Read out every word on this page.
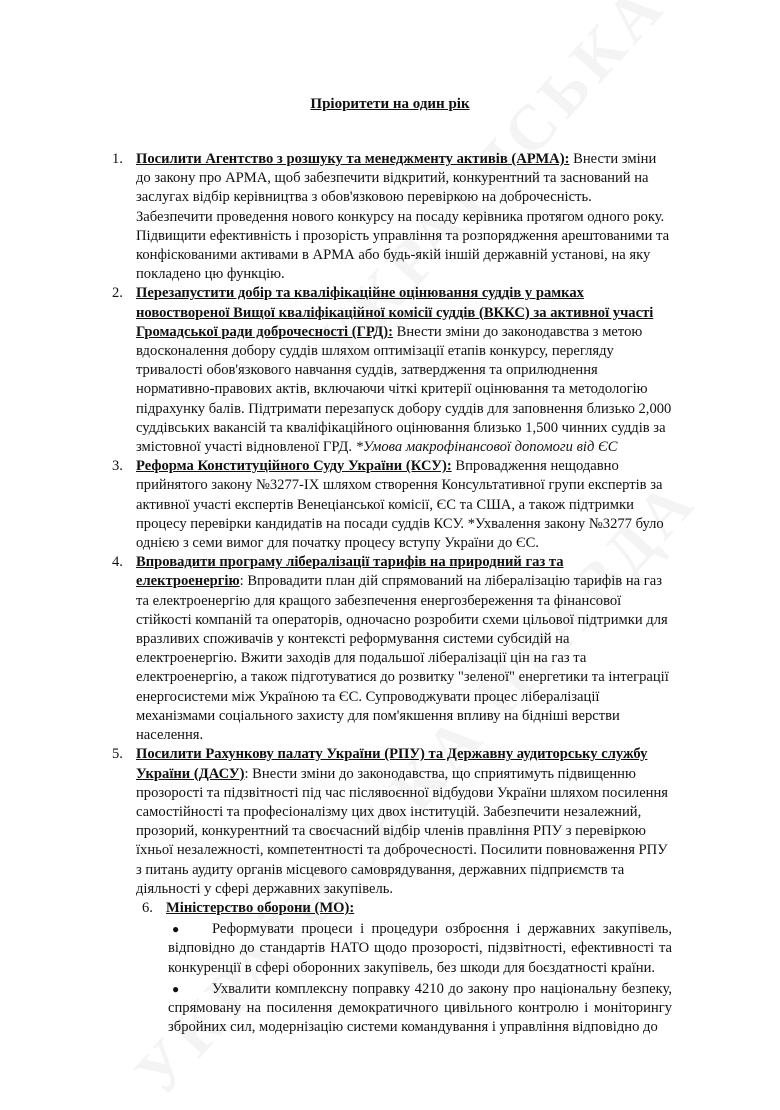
Пріоритети на один рік
1. Посилити Агентство з розшуку та менеджменту активів (АРМА): Внести зміни до закону про АРМА, щоб забезпечити відкритий, конкурентний та заснований на заслугах відбір керівництва з обов'язковою перевіркою на доброчесність. Забезпечити проведення нового конкурсу на посаду керівника протягом одного року. Підвищити ефективність і прозорість управління та розпорядження арештованими та конфіскованими активами в АРМА або будь-якій іншій державній установі, на яку покладено цю функцію.
2. Перезапустити добір та кваліфікаційне оцінювання суддів у рамках новоствореної Вищої кваліфікаційної комісії суддів (ВККС) за активної участі Громадської ради доброчесності (ГРД): Внести зміни до законодавства з метою вдосконалення добору суддів шляхом оптимізації етапів конкурсу, перегляду тривалості обов'язкового навчання суддів, затвердження та оприлюднення нормативно-правових актів, включаючи чіткі критерії оцінювання та методологію підрахунку балів. Підтримати перезапуск добору суддів для заповнення близько 2,000 суддівських вакансій та кваліфікаційного оцінювання близько 1,500 чинних суддів за змістовної участі відновленої ГРД. *Умова макрофінансової допомоги від ЄС
3. Реформа Конституційного Суду України (КСУ): Впровадження нещодавно прийнятого закону №3277-IX шляхом створення Консультативної групи експертів за активної участі експертів Венеціанської комісії, ЄС та США, а також підтримки процесу перевірки кандидатів на посади суддів КСУ. *Ухвалення закону №3277 було однією з семи вимог для початку процесу вступу України до ЄС.
4. Впровадити програму лібералізації тарифів на природний газ та електроенергію: Впровадити план дій спрямований на лібералізацію тарифів на газ та електроенергію для кращого забезпечення енергозбереження та фінансової стійкості компаній та операторів, одночасно розробити схеми цільової підтримки для вразливих споживачів у контексті реформування системи субсидій на електроенергію. Вжити заходів для подальшої лібералізації цін на газ та електроенергію, а також підготуватися до розвитку "зеленої" енергетики та інтеграції енергосистеми між Україною та ЄС. Супроводжувати процес лібералізації механізмами соціального захисту для пом'якшення впливу на бідніші верстви населення.
5. Посилити Рахункову палату України (РПУ) та Державну аудиторську службу України (ДАСУ): Внести зміни до законодавства, що сприятимуть підвищенню прозорості та підзвітності під час післявоєнної відбудови України шляхом посилення самостійності та професіоналізму цих двох інституцій. Забезпечити незалежний, прозорий, конкурентний та своєчасний відбір членів правління РПУ з перевіркою їхньої незалежності, компетентності та доброчесності. Посилити повноваження РПУ з питань аудиту органів місцевого самоврядування, державних підприємств та діяльності у сфері державних закупівель.
6. Міністерство оборони (МО):
● Реформувати процеси і процедури озброєння і державних закупівель, відповідно до стандартів НАТО щодо прозорості, підзвітності, ефективності та конкуренції в сфері оборонних закупівель, без шкоди для боєздатності країни.
● Ухвалити комплексну поправку 4210 до закону про національну безпеку, спрямовану на посилення демократичного цивільного контролю і моніторингу збройних сил, модернізацію системи командування і управління відповідно до
